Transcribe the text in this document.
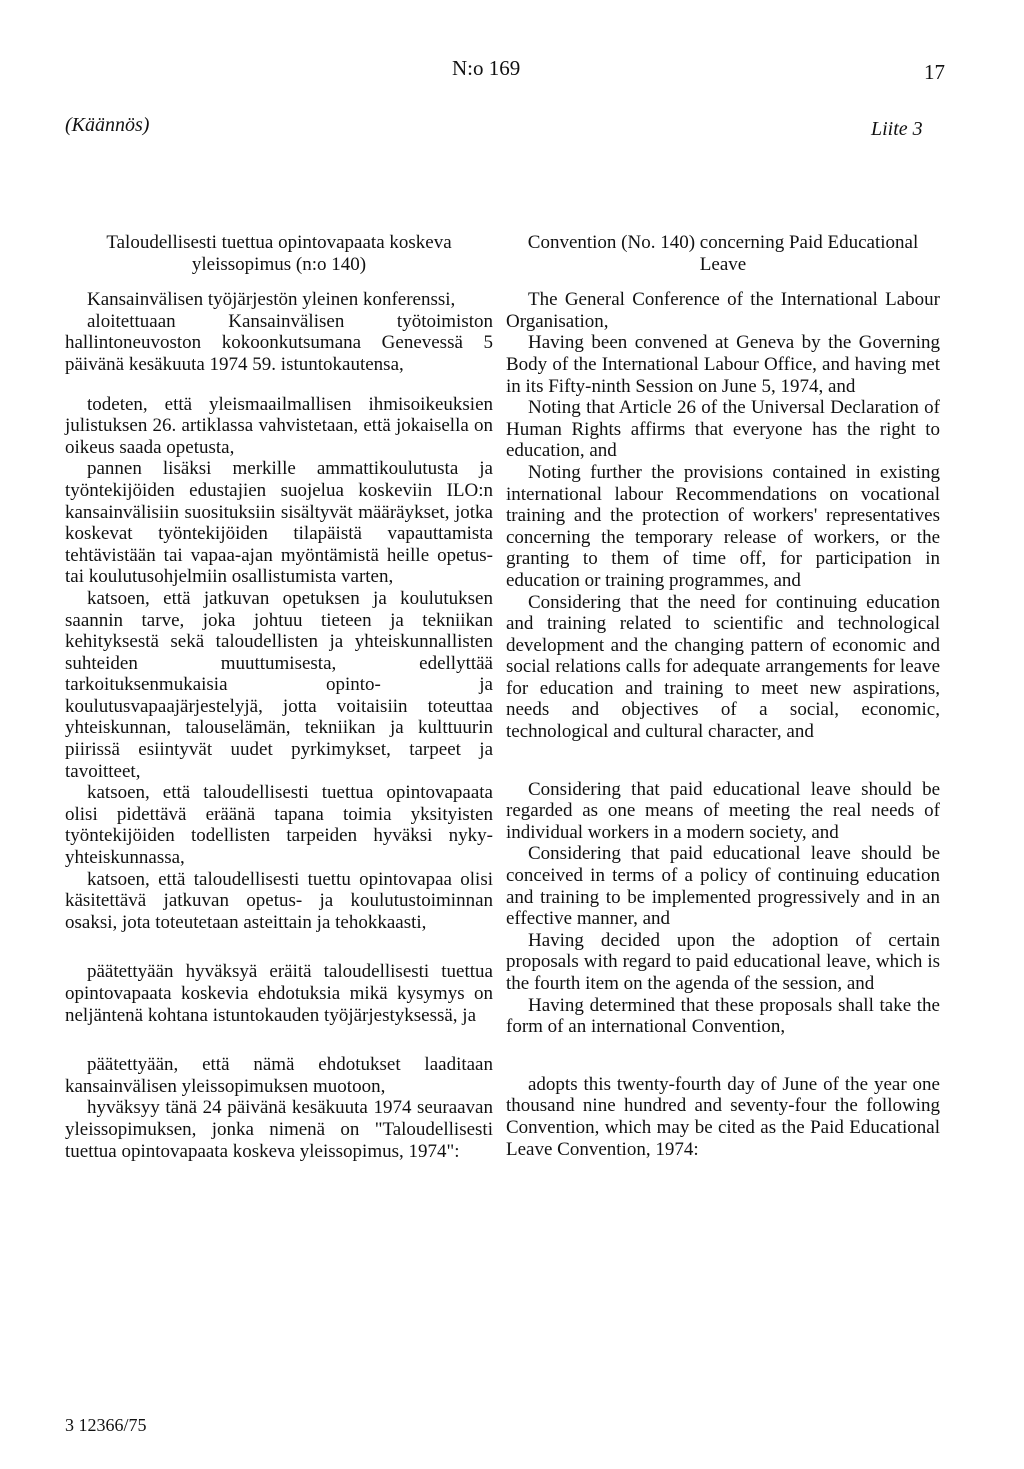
N:o 169	17
(Käännös)	Liite 3
Taloudellisesti tuettua opintovapaata koskeva yleissopimus (n:o 140)

Kansainvälisen työjärjestön yleinen konferenssi,

aloitettuaan Kansainvälisen työtoimiston hallintoneuvoston kokoonkutsumana Genevessä 5 päivänä kesäkuuta 1974 59. istuntokautensa,

todeten, että yleismaailmallisen ihmisoikeuksien julistuksen 26. artiklassa vahvistetaan, että jokaisella on oikeus saada opetusta,

pannen lisäksi merkille ammattikoulutusta ja työntekijöiden edustajien suojelua koskeviin ILO:n kansainvälisiin suosituksiin sisältyvät määräykset, jotka koskevat työntekijöiden tilapäistä vapauttamista tehtävistään tai vapaa-ajan myöntämistä heille opetus- tai koulutusohjelmiin osallistumista varten,

katsoen, että jatkuvan opetuksen ja koulutuksen saannin tarve, joka johtuu tieteen ja tekniikan kehityksestä sekä taloudellisten ja yhteiskunnallisten suhteiden muuttumisesta, edellyttää tarkoituksenmukaisia opinto- ja koulutusvapaajärjestelyjä, jotta voitaisiin toteuttaa yhteiskunnan, talouselämän, tekniikan ja kulttuurin piirissä esiintyvät uudet pyrkimykset, tarpeet ja tavoitteet,

katsoen, että taloudellisesti tuettua opintovapaata olisi pidettävä eräänä tapana toimia yksityisten työntekijöiden todellisten tarpeiden hyväksi nyky-yhteiskunnassa,

katsoen, että taloudellisesti tuettu opintovapaa olisi käsitettävä jatkuvan opetus- ja koulutustoiminnan osaksi, jota toteutetaan asteittain ja tehokkaasti,

päätettyään hyväksyä eräitä taloudellisesti tuettua opintovapaata koskevia ehdotuksia mikä kysymys on neljäntenä kohtana istuntokauden työjärjestyksessä, ja

päätettyään, että nämä ehdotukset laaditaan kansainvälisen yleissopimuksen muotoon,

hyväksyy tänä 24 päivänä kesäkuuta 1974 seuraavan yleissopimuksen, jonka nimenä on "Taloudellisesti tuettua opintovapaata koskeva yleissopimus, 1974":

Convention (No. 140) concerning Paid Educational Leave

The General Conference of the International Labour Organisation,

Having been convened at Geneva by the Governing Body of the International Labour Office, and having met in its Fifty-ninth Session on June 5, 1974, and

Noting that Article 26 of the Universal Declaration of Human Rights affirms that everyone has the right to education, and

Noting further the provisions contained in existing international labour Recommendations on vocational training and the protection of workers' representatives concerning the temporary release of workers, or the granting to them of time off, for participation in education or training programmes, and

Considering that the need for continuing education and training related to scientific and technological development and the changing pattern of economic and social relations calls for adequate arrangements for leave for education and training to meet new aspirations, needs and objectives of a social, economic, technological and cultural character, and

Considering that paid educational leave should be regarded as one means of meeting the real needs of individual workers in a modern society, and

Considering that paid educational leave should be conceived in terms of a policy of continuing education and training to be implemented progressively and in an effective manner, and

Having decided upon the adoption of certain proposals with regard to paid educational leave, which is the fourth item on the agenda of the session, and

Having determined that these proposals shall take the form of an international Convention,

adopts this twenty-fourth day of June of the year one thousand nine hundred and seventy-four the following Convention, which may be cited as the Paid Educational Leave Convention, 1974:

3 12366/75
